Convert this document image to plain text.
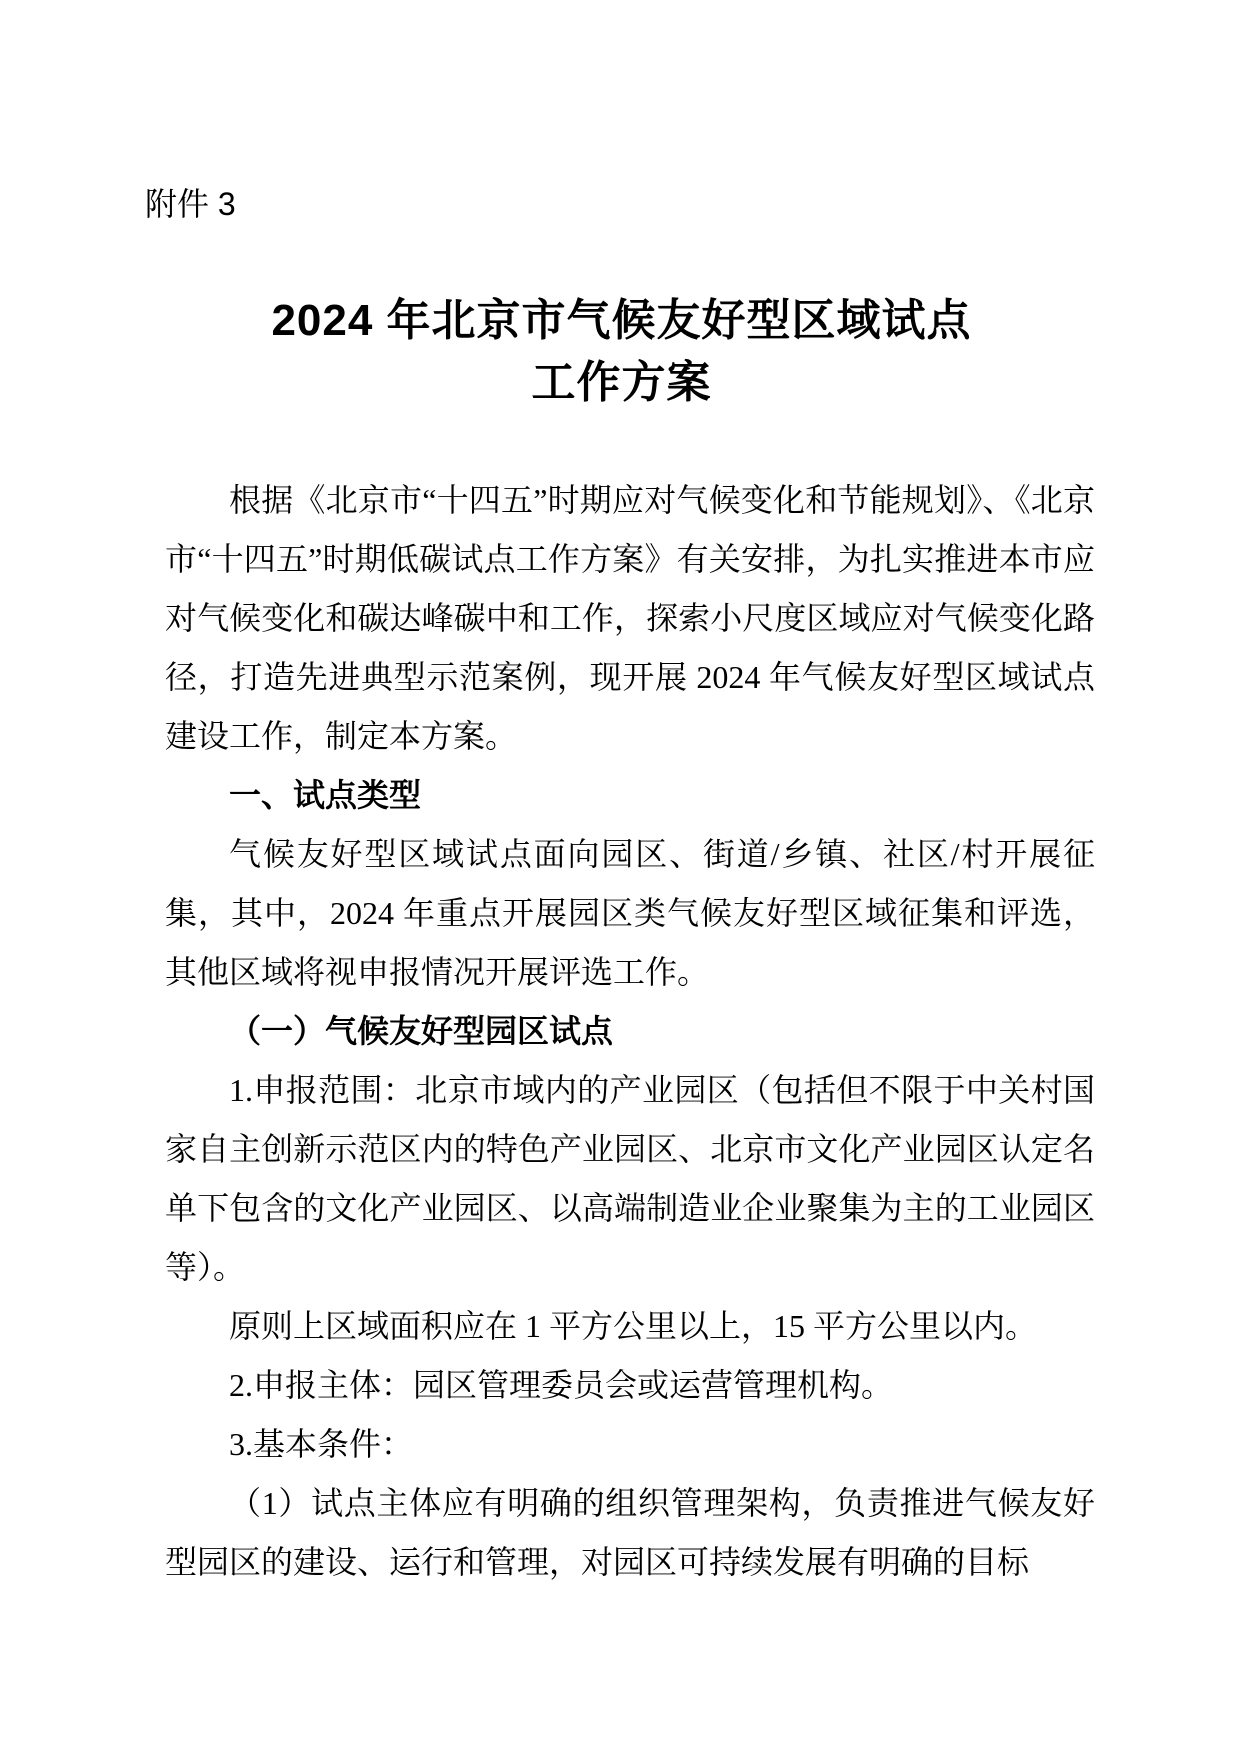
附件 3
2024 年北京市气候友好型区域试点
工作方案

根据《北京市“十四五”时期应对气候变化和节能规划》、《北京市“十四五”时期低碳试点工作方案》有关安排，为扎实推进本市应对气候变化和碳达峰碳中和工作，探索小尺度区域应对气候变化路径，打造先进典型示范案例，现开展 2024 年气候友好型区域试点建设工作，制定本方案。

一、试点类型

气候友好型区域试点面向园区、街道/乡镇、社区/村开展征集，其中，2024 年重点开展园区类气候友好型区域征集和评选，其他区域将视申报情况开展评选工作。

（一）气候友好型园区试点

1.申报范围：北京市域内的产业园区（包括但不限于中关村国家自主创新示范区内的特色产业园区、北京市文化产业园区认定名单下包含的文化产业园区、以高端制造业企业聚集为主的工业园区等）。

原则上区域面积应在 1 平方公里以上，15 平方公里以内。

2.申报主体：园区管理委员会或运营管理机构。

3.基本条件：

（1）试点主体应有明确的组织管理架构，负责推进气候友好型园区的建设、运行和管理，对园区可持续发展有明确的目标
